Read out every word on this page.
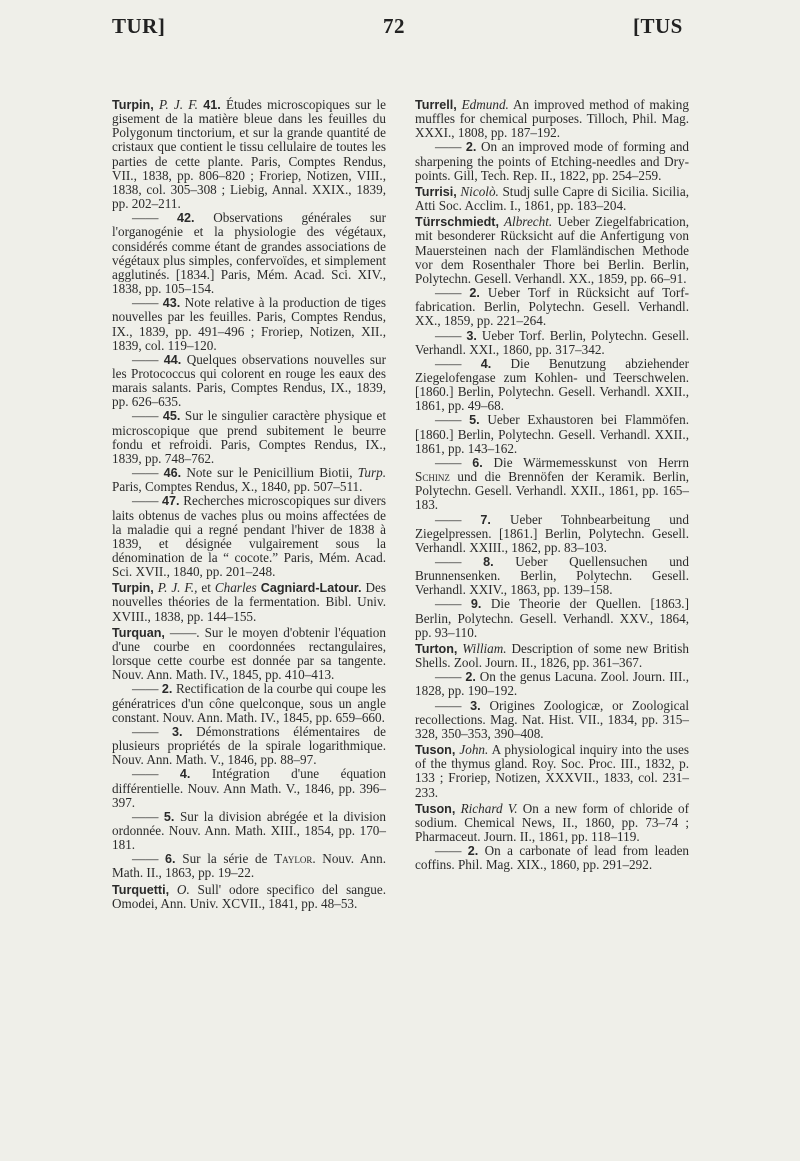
TUR]	72	[TUS

Turpin, P. J. F. 41. Études microscopiques sur le gisement de la matière bleue dans les feuilles du Polygonum tinctorium, et sur la grande quantité de cristaux que contient le tissu cellulaire de toutes les parties de cette plante. Paris, Comptes Rendus, VII., 1838, pp. 806–820 ; Froriep, Notizen, VIII., 1838, col. 305–308 ; Liebig, Annal. XXIX., 1839, pp. 202–211.

—— 42. Observations générales sur l'organogénie et la physiologie des végétaux, considérés comme étant de grandes associations de végétaux plus simples, confervoïdes, et simplement agglutinés. [1834.] Paris, Mém. Acad. Sci. XIV., 1838, pp. 105–154.

—— 43. Note relative à la production de tiges nouvelles par les feuilles. Paris, Comptes Rendus, IX., 1839, pp. 491–496 ; Froriep, Notizen, XII., 1839, col. 119–120.

—— 44. Quelques observations nouvelles sur les Protococcus qui colorent en rouge les eaux des marais salants. Paris, Comptes Rendus, IX., 1839, pp. 626–635.

—— 45. Sur le singulier caractère physique et microscopique que prend subitement le beurre fondu et refroidi. Paris, Comptes Rendus, IX., 1839, pp. 748–762.

—— 46. Note sur le Penicillium Biotii, Turp. Paris, Comptes Rendus, X., 1840, pp. 507–511.

—— 47. Recherches microscopiques sur divers laits obtenus de vaches plus ou moins affectées de la maladie qui a regné pendant l'hiver de 1838 à 1839, et désignée vulgairement sous la dénomination de la “ cocote.” Paris, Mém. Acad. Sci. XVII., 1840, pp. 201–248.

Turpin, P. J. F., et Charles Cagniard-Latour. Des nouvelles théories de la fermentation. Bibl. Univ. XVIII., 1838, pp. 144–155.

Turquan, ——. Sur le moyen d'obtenir l'équation d'une courbe en coordonnées rectangulaires, lorsque cette courbe est donnée par sa tangente. Nouv. Ann. Math. IV., 1845, pp. 410–413.

—— 2. Rectification de la courbe qui coupe les génératrices d'un cône quelconque, sous un angle constant. Nouv. Ann. Math. IV., 1845, pp. 659–660.

—— 3. Démonstrations élémentaires de plusieurs propriétés de la spirale logarithmique. Nouv. Ann. Math. V., 1846, pp. 88–97.

—— 4. Intégration d'une équation différentielle. Nouv. Ann Math. V., 1846, pp. 396–397.

—— 5. Sur la division abrégée et la division ordonnée. Nouv. Ann. Math. XIII., 1854, pp. 170–181.

—— 6. Sur la série de Taylor. Nouv. Ann. Math. II., 1863, pp. 19–22.

Turquetti, O. Sull' odore specifico del sangue. Omodei, Ann. Univ. XCVII., 1841, pp. 48–53.

Turrell, Edmund. An improved method of making muffles for chemical purposes. Tilloch, Phil. Mag. XXXI., 1808, pp. 187–192.

—— 2. On an improved mode of forming and sharpening the points of Etching-needles and Dry-points. Gill, Tech. Rep. II., 1822, pp. 254–259.

Turrisi, Nicolò. Studj sulle Capre di Sicilia. Sicilia, Atti Soc. Acclim. I., 1861, pp. 183–204.

Türrschmiedt, Albrecht. Ueber Ziegelfabrication, mit besonderer Rücksicht auf die Anfertigung von Mauersteinen nach der Flamländischen Methode vor dem Rosenthaler Thore bei Berlin. Berlin, Polytechn. Gesell. Verhandl. XX., 1859, pp. 66–91.

—— 2. Ueber Torf in Rücksicht auf Torf-fabrication. Berlin, Polytechn. Gesell. Verhandl. XX., 1859, pp. 221–264.

—— 3. Ueber Torf. Berlin, Polytechn. Gesell. Verhandl. XXI., 1860, pp. 317–342.

—— 4. Die Benutzung abziehender Ziegelofengase zum Kohlen- und Teerschwelen. [1860.] Berlin, Polytechn. Gesell. Verhandl. XXII., 1861, pp. 49–68.

—— 5. Ueber Exhaustoren bei Flammöfen. [1860.] Berlin, Polytechn. Gesell. Verhandl. XXII., 1861, pp. 143–162.

—— 6. Die Wärmemesskunst von Herrn Schinz und die Brennöfen der Keramik. Berlin, Polytechn. Gesell. Verhandl. XXII., 1861, pp. 165–183.

—— 7. Ueber Tohnbearbeitung und Ziegelpressen. [1861.] Berlin, Polytechn. Gesell. Verhandl. XXIII., 1862, pp. 83–103.

—— 8. Ueber Quellensuchen und Brunnensenken. Berlin, Polytechn. Gesell. Verhandl. XXIV., 1863, pp. 139–158.

—— 9. Die Theorie der Quellen. [1863.] Berlin, Polytechn. Gesell. Verhandl. XXV., 1864, pp. 93–110.

Turton, William. Description of some new British Shells. Zool. Journ. II., 1826, pp. 361–367.

—— 2. On the genus Lacuna. Zool. Journ. III., 1828, pp. 190–192.

—— 3. Origines Zoologicæ, or Zoological recollections. Mag. Nat. Hist. VII., 1834, pp. 315–328, 350–353, 390–408.

Tuson, John. A physiological inquiry into the uses of the thymus gland. Roy. Soc. Proc. III., 1832, p. 133 ; Froriep, Notizen, XXXVII., 1833, col. 231–233.

Tuson, Richard V. On a new form of chloride of sodium. Chemical News, II., 1860, pp. 73–74 ; Pharmaceut. Journ. II., 1861, pp. 118–119.

—— 2. On a carbonate of lead from leaden coffins. Phil. Mag. XIX., 1860, pp. 291–292.
